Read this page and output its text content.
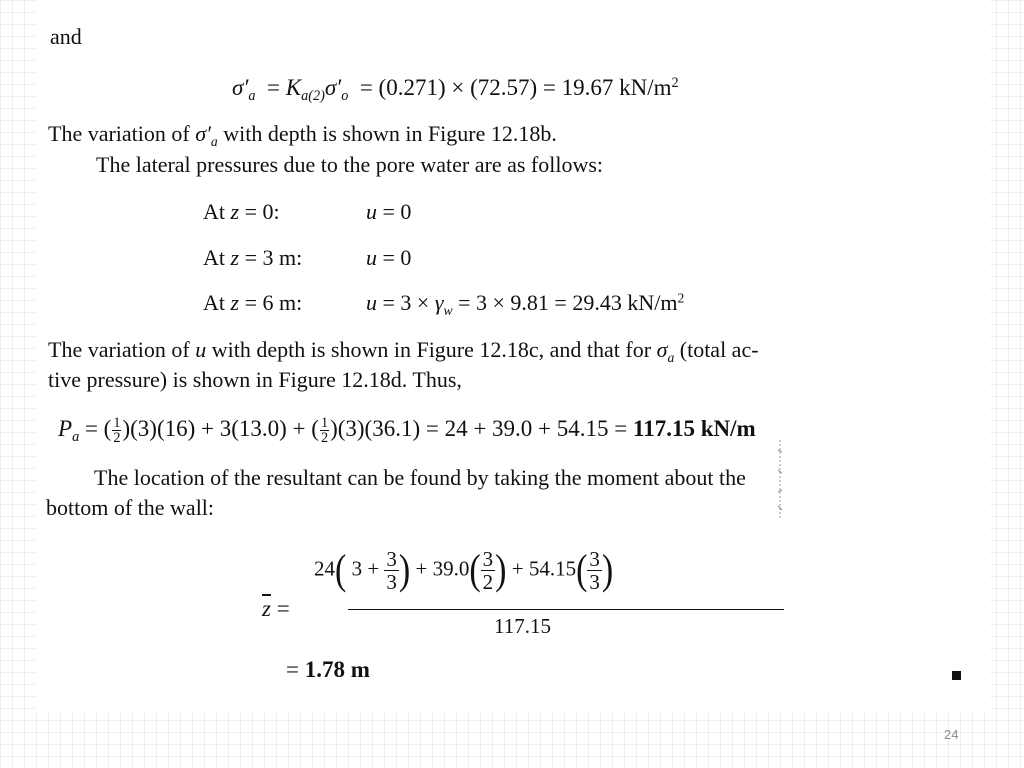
and
$\sigma'_a = K_{a(2)}\sigma'_o = (0.271) \times (72.57) = 19.67$ $kN/m^2$
The variation of $\sigma'_a$ with depth is shown in Figure 12.18b.
The lateral pressures due to the pore water are as follows:
At z = 0:	u = 0
At z = 3 m:	u = 0
At z = 6 m:	$u = 3 \times \gamma_w = 3 \times 9.81 = 29.43$ $kN/m^2$
The variation of u with depth is shown in Figure 12.18c, and that for $\sigma_a$ (total ac-
tive pressure) is shown in Figure 12.18d. Thus,
$P_a$ = ( $\frac{1}{2} )(3)(16) + 3(13.0)$ + ( $\frac{1}{2} )(3)(36.1) = 24 + 39.0 + 54.15 = 117.15$ kN/m
The location of the resultant can be found by taking the moment about the
bottom of the wall:
$\overline{z}$ =
24( $3 + \frac{3}{3}$ ) + $39.0( \frac{3}{2}$ ) + $54.15( \frac{3}{3}$ )
117.15
= 1.78 m
24
